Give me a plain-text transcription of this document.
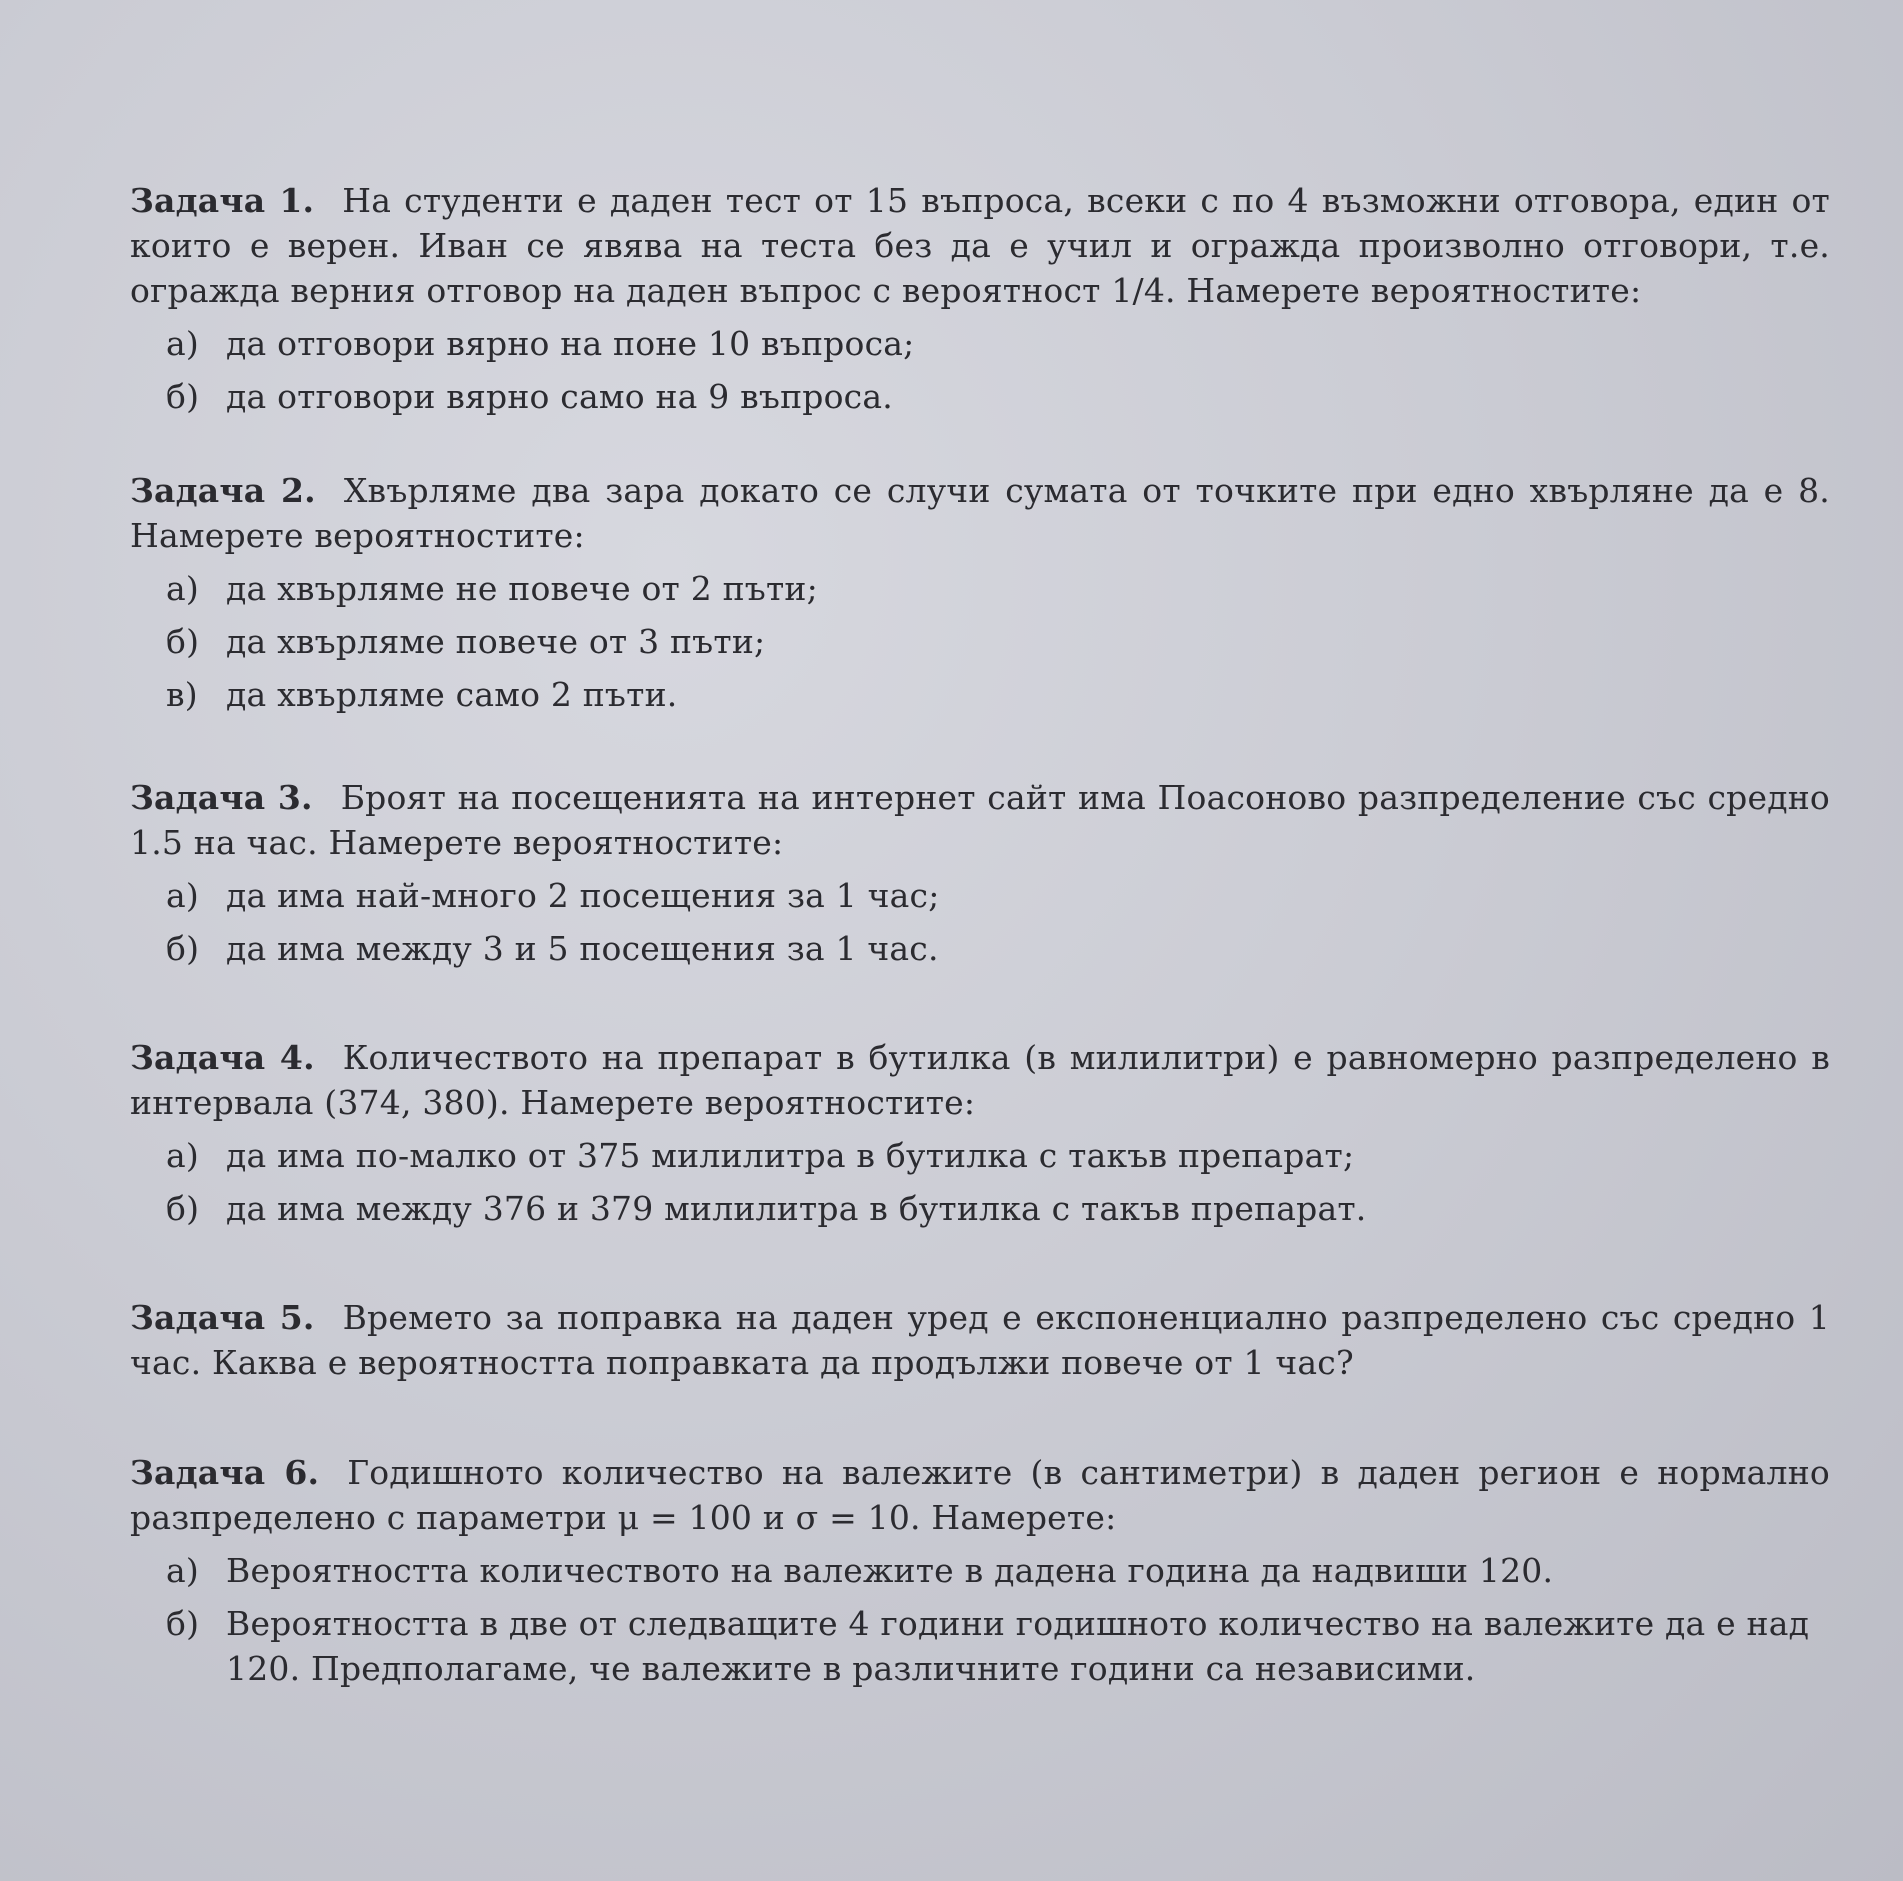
Задача 1. На студенти е даден тест от 15 въпроса, всеки с по 4 възможни отговора, един от които е верен. Иван се явява на теста без да е учил и огражда произволно отговори, т.е. огражда верния отговор на даден въпрос с вероятност 1/4. Намерете вероятностите:

а) да отговори вярно на поне 10 въпроса;
б) да отговори вярно само на 9 въпроса.

Задача 2. Хвърляме два зара докато се случи сумата от точките при едно хвърляне да е 8. Намерете вероятностите:

а) да хвърляме не повече от 2 пъти;
б) да хвърляме повече от 3 пъти;
в) да хвърляме само 2 пъти.

Задача 3. Броят на посещенията на интернет сайт има Поасоново разпределение със средно 1.5 на час. Намерете вероятностите:

а) да има най-много 2 посещения за 1 час;
б) да има между 3 и 5 посещения за 1 час.

Задача 4. Количеството на препарат в бутилка (в милилитри) е равномерно разпределено в интервала (374, 380). Намерете вероятностите:

а) да има по-малко от 375 милилитра в бутилка с такъв препарат;
б) да има между 376 и 379 милилитра в бутилка с такъв препарат.

Задача 5. Времето за поправка на даден уред е експоненциално разпределено със средно 1 час. Каква е вероятността поправката да продължи повече от 1 час?

Задача 6. Годишното количество на валежите (в сантиметри) в даден регион е нормално разпределено с параметри μ = 100 и σ = 10. Намерете:

а) Вероятността количеството на валежите в дадена година да надвиши 120.
б) Вероятността в две от следващите 4 години годишното количество на валежите да е над 120. Предполагаме, че валежите в различните години са независими.
